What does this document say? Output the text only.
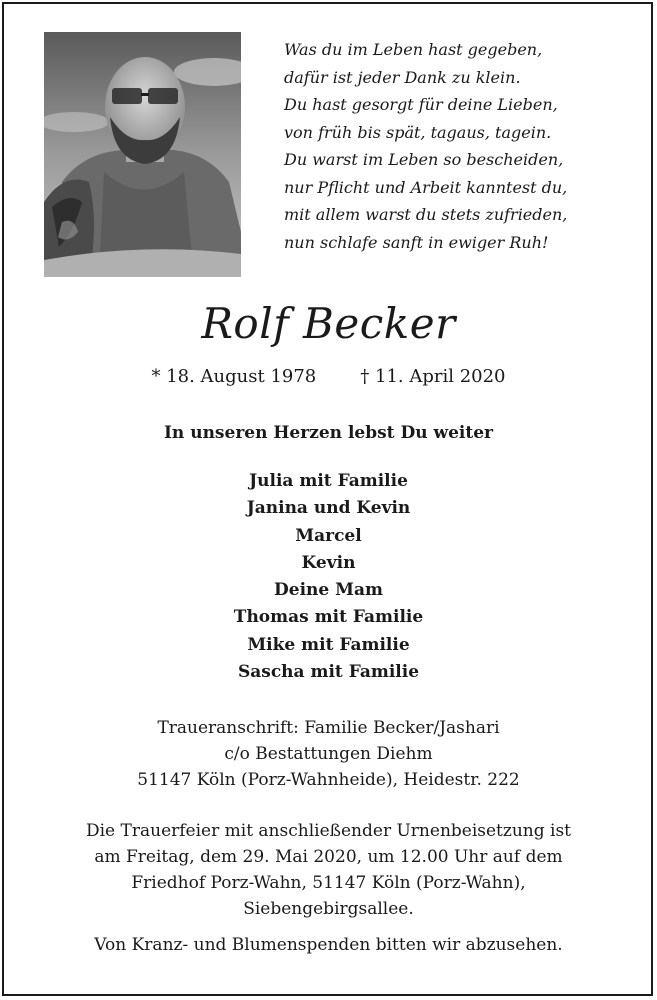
Was du im Leben hast gegeben,
dafür ist jeder Dank zu klein.
Du hast gesorgt für deine Lieben,
von früh bis spät, tagaus, tagein.
Du warst im Leben so bescheiden,
nur Pflicht und Arbeit kanntest du,
mit allem warst du stets zufrieden,
nun schlafe sanft in ewiger Ruh!
Rolf Becker
* 18. August 1978 † 11. April 2020
In unseren Herzen lebst Du weiter
Julia mit Familie
Janina und Kevin
Marcel
Kevin
Deine Mam
Thomas mit Familie
Mike mit Familie
Sascha mit Familie
Traueranschrift: Familie Becker/Jashari
c/o Bestattungen Diehm
51147 Köln (Porz-Wahnheide), Heidestr. 222
Die Trauerfeier mit anschließender Urnenbeisetzung ist
am Freitag, dem 29. Mai 2020, um 12.00 Uhr auf dem
Friedhof Porz-Wahn, 51147 Köln (Porz-Wahn),
Siebengebirgsallee.
Von Kranz- und Blumenspenden bitten wir abzusehen.
